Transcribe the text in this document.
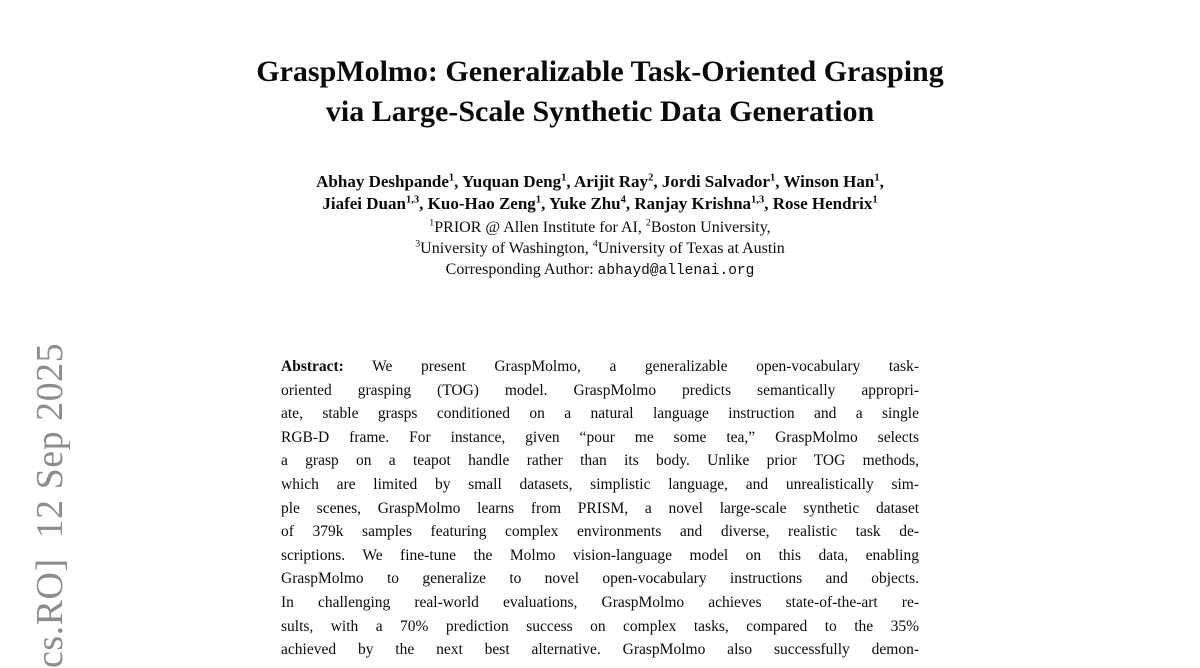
cs.RO]  12 Sep 2025
GraspMolmo: Generalizable Task-Oriented Grasping
via Large-Scale Synthetic Data Generation
Abhay Deshpande$^1$, Yuquan Deng$^1$, Arijit Ray$^2$, Jordi Salvador$^1$, Winson Han$^1$,
Jiafei Duan$^{1,3}$, Kuo-Hao Zeng$^1$, Yuke Zhu$^4$, Ranjay Krishna$^{1,3}$, Rose Hendrix$^1$
$^1$PRIOR @ Allen Institute for AI, $^2$Boston University,
$^3$University of Washington, $^4$University of Texas at Austin
Corresponding Author: abhayd@allenai.org
Abstract: We present GraspMolmo, a generalizable open-vocabulary task-
oriented grasping (TOG) model. GraspMolmo predicts semantically appropri-
ate, stable grasps conditioned on a natural language instruction and a single
RGB-D frame. For instance, given “pour me some tea,” GraspMolmo selects
a grasp on a teapot handle rather than its body. Unlike prior TOG methods,
which are limited by small datasets, simplistic language, and unrealistically sim-
ple scenes, GraspMolmo learns from PRISM, a novel large-scale synthetic dataset
of 379k samples featuring complex environments and diverse, realistic task de-
scriptions. We fine-tune the Molmo vision-language model on this data, enabling
GraspMolmo to generalize to novel open-vocabulary instructions and objects.
In challenging real-world evaluations, GraspMolmo achieves state-of-the-art re-
sults, with a 70% prediction success on complex tasks, compared to the 35%
achieved by the next best alternative. GraspMolmo also successfully demon-
